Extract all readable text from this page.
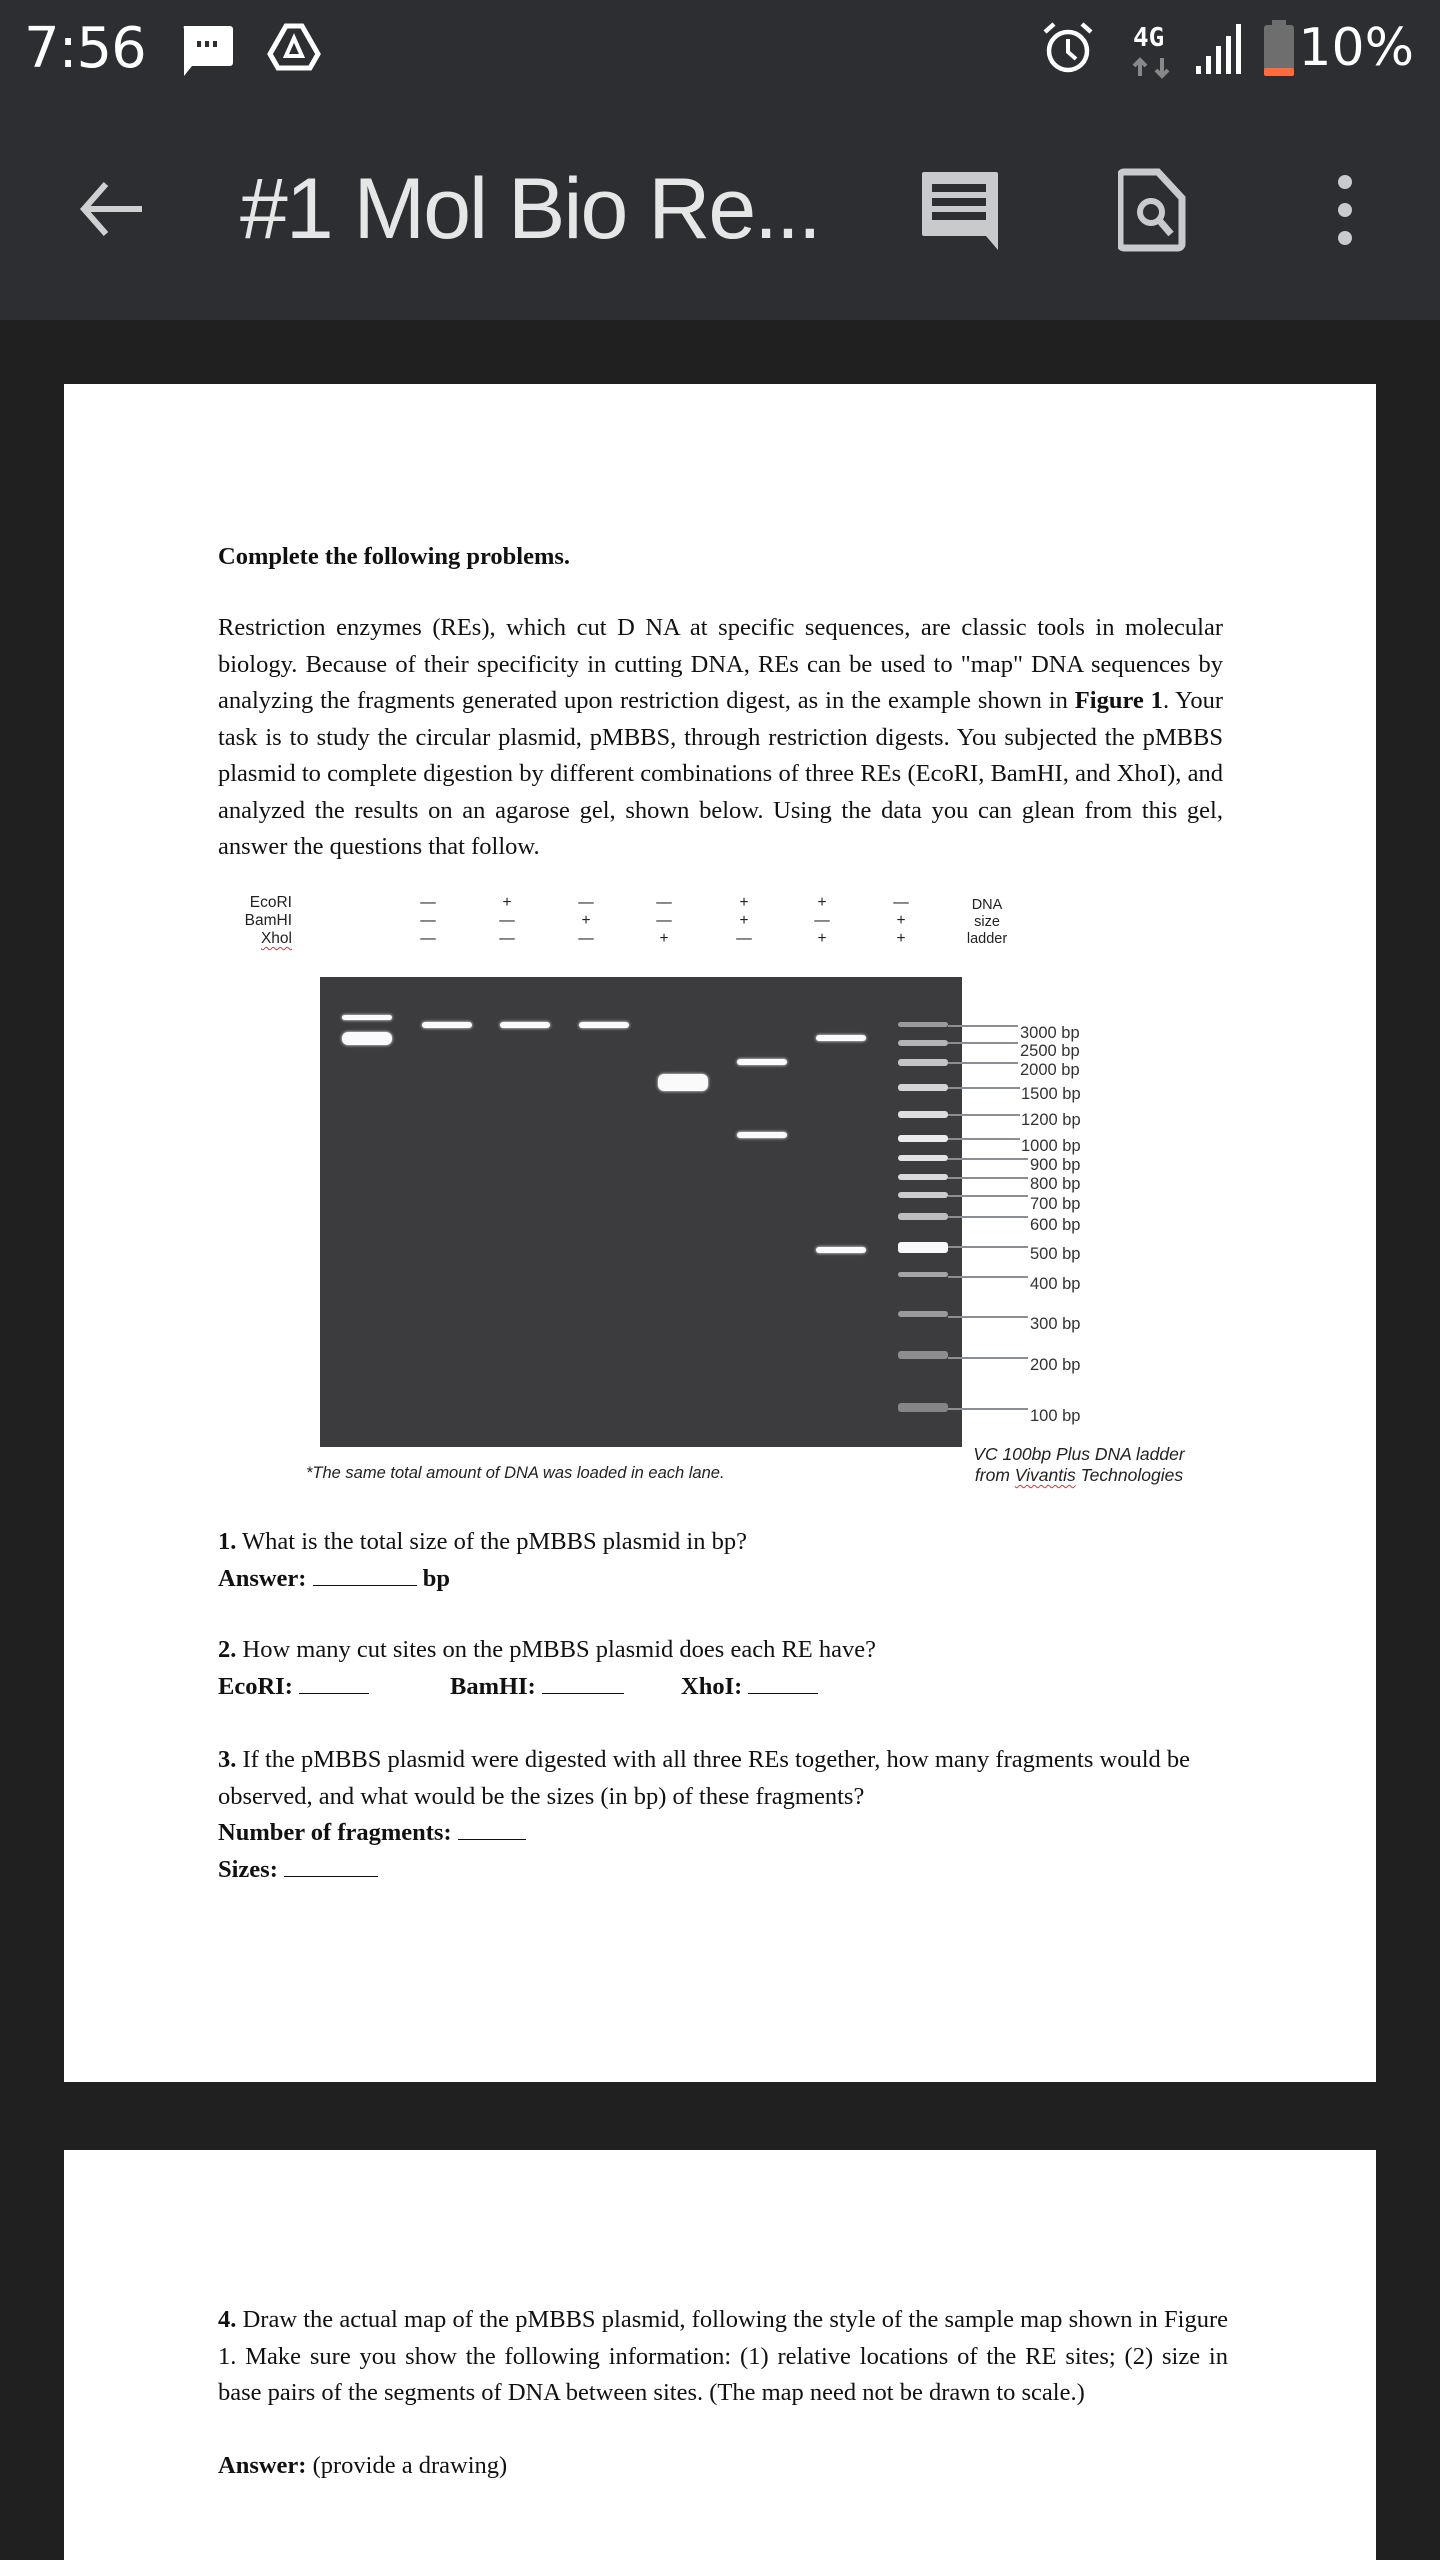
7:56	4G	10%
#1 Mol Bio Re...
Complete the following problems.
Restriction enzymes (REs), which cut D NA at specific sequences, are classic tools in molecular biology. Because of their specificity in cutting DNA, REs can be used to "map" DNA sequences by analyzing the fragments generated upon restriction digest, as in the example shown in Figure 1. Your task is to study the circular plasmid, pMBBS, through restriction digests. You subjected the pMBBS plasmid to complete digestion by different combinations of three REs (EcoRI, BamHI, and XhoI), and analyzed the results on an agarose gel, shown below. Using the data you can glean from this gel, answer the questions that follow.
EcoRI	—	+	—	—	+	+	—
BamHI	—	—	+	—	+	—	+
Xhol	—	—	—	+	—	+	+
DNA
size
ladder
3000 bp
2500 bp
2000 bp
1500 bp
1200 bp
1000 bp
900 bp
800 bp
700 bp
600 bp
500 bp
400 bp
300 bp
200 bp
100 bp
*The same total amount of DNA was loaded in each lane.
VC 100bp Plus DNA ladder
from Vivantis Technologies
1. What is the total size of the pMBBS plasmid in bp?
Answer:	bp
2. How many cut sites on the pMBBS plasmid does each RE have?
EcoRI:	BamHI:	XhoI:
3. If the pMBBS plasmid were digested with all three REs together, how many fragments would be observed, and what would be the sizes (in bp) of these fragments?
Number of fragments:
Sizes:
4. Draw the actual map of the pMBBS plasmid, following the style of the sample map shown in Figure 1. Make sure you show the following information: (1) relative locations of the RE sites; (2) size in base pairs of the segments of DNA between sites. (The map need not be drawn to scale.)
Answer: (provide a drawing)
